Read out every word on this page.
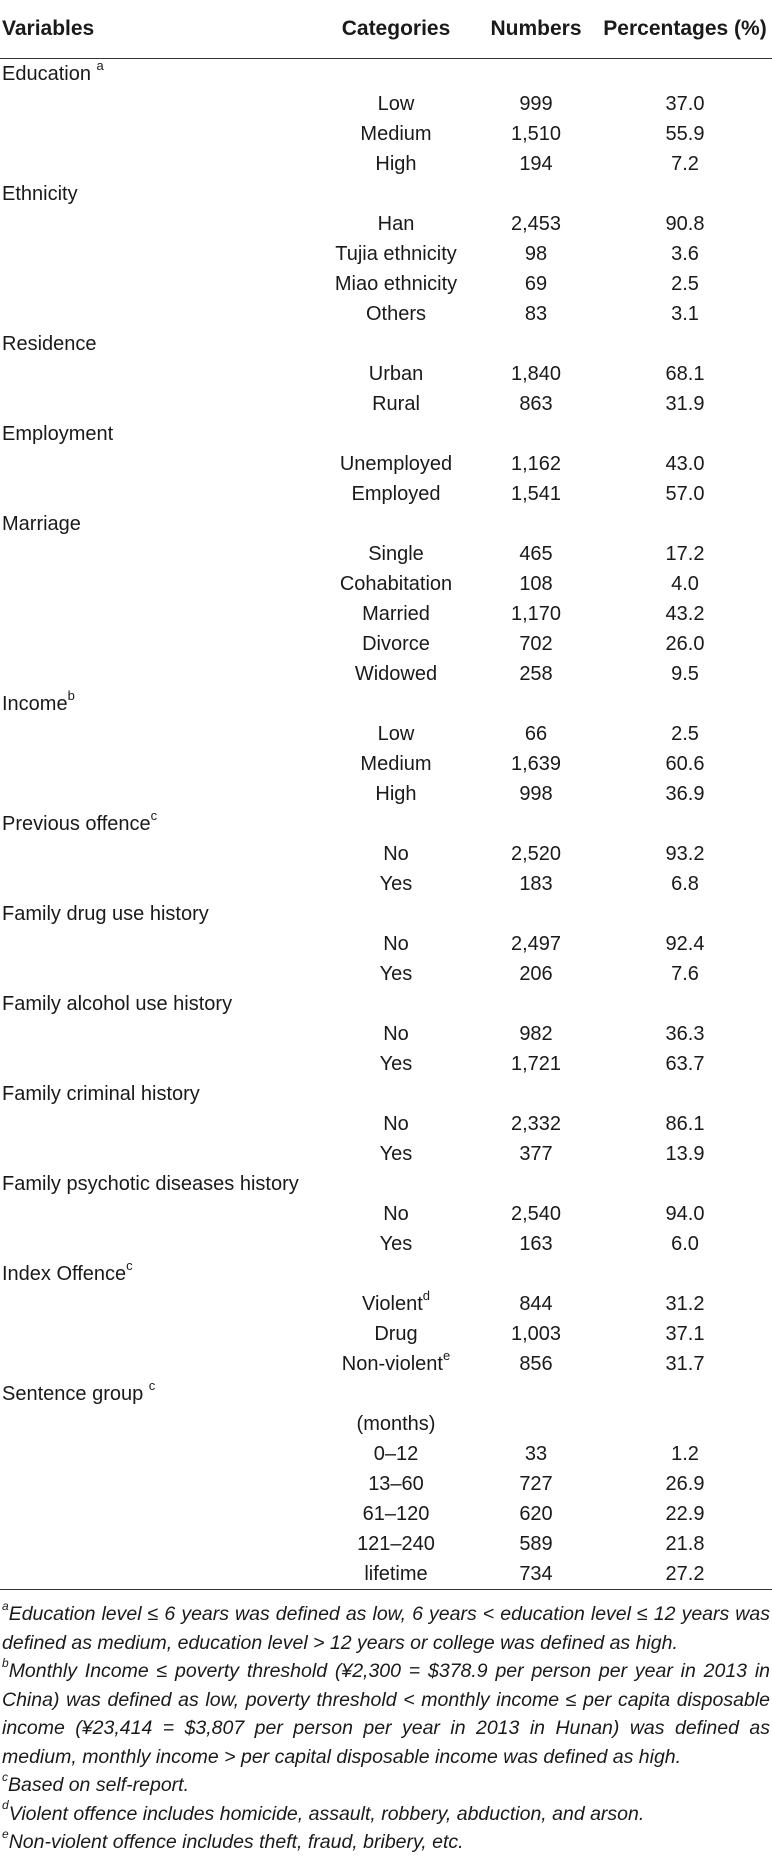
Variables	Categories	Numbers	Percentages (%)
Education $^a$
	Low	999	37.0
	Medium	1,510	55.9
	High	194	7.2
Ethnicity			
	Han	2,453	90.8
	Tujia ethnicity	98	3.6
	Miao ethnicity	69	2.5
	Others	83	3.1
Residence			
	Urban	1,840	68.1
	Rural	863	31.9
Employment			
	Unemployed	1,162	43.0
	Employed	1,541	57.0
Marriage			
	Single	465	17.2
	Cohabitation	108	4.0
	Married	1,170	43.2
	Divorce	702	26.0
	Widowed	258	9.5
Income$^b$
	Low	66	2.5
	Medium	1,639	60.6
	High	998	36.9
Previous offence$^c$
	No	2,520	93.2
	Yes	183	6.8
Family drug use history			
	No	2,497	92.4
	Yes	206	7.6
Family alcohol use history			
	No	982	36.3
	Yes	1,721	63.7
Family criminal history			
	No	2,332	86.1
	Yes	377	13.9
Family psychotic diseases history			
	No	2,540	94.0
	Yes	163	6.0
Index Offence$^c$
	Violent$^d$	844	31.2
	Drug	1,003	37.1
	Non-violent$^e$	856	31.7
Sentence group $^c$
	(months)		
	0–12	33	1.2
	13–60	727	26.9
	61–120	620	22.9
	121–240	589	21.8
	lifetime	734	27.2

$^a$Education level ≤ 6 years was defined as low, 6 years < education level ≤ 12 years was defined as medium, education level > 12 years or college was defined as high.

$^b$Monthly Income ≤ poverty threshold (¥2,300 = $378.9 per person per year in 2013 in China) was defined as low, poverty threshold < monthly income ≤ per capita disposable income (¥23,414 = $3,807 per person per year in 2013 in Hunan) was defined as medium, monthly income > per capital disposable income was defined as high.

$^c$Based on self-report.

$^d$Violent offence includes homicide, assault, robbery, abduction, and arson.

$^e$Non-violent offence includes theft, fraud, bribery, etc.
